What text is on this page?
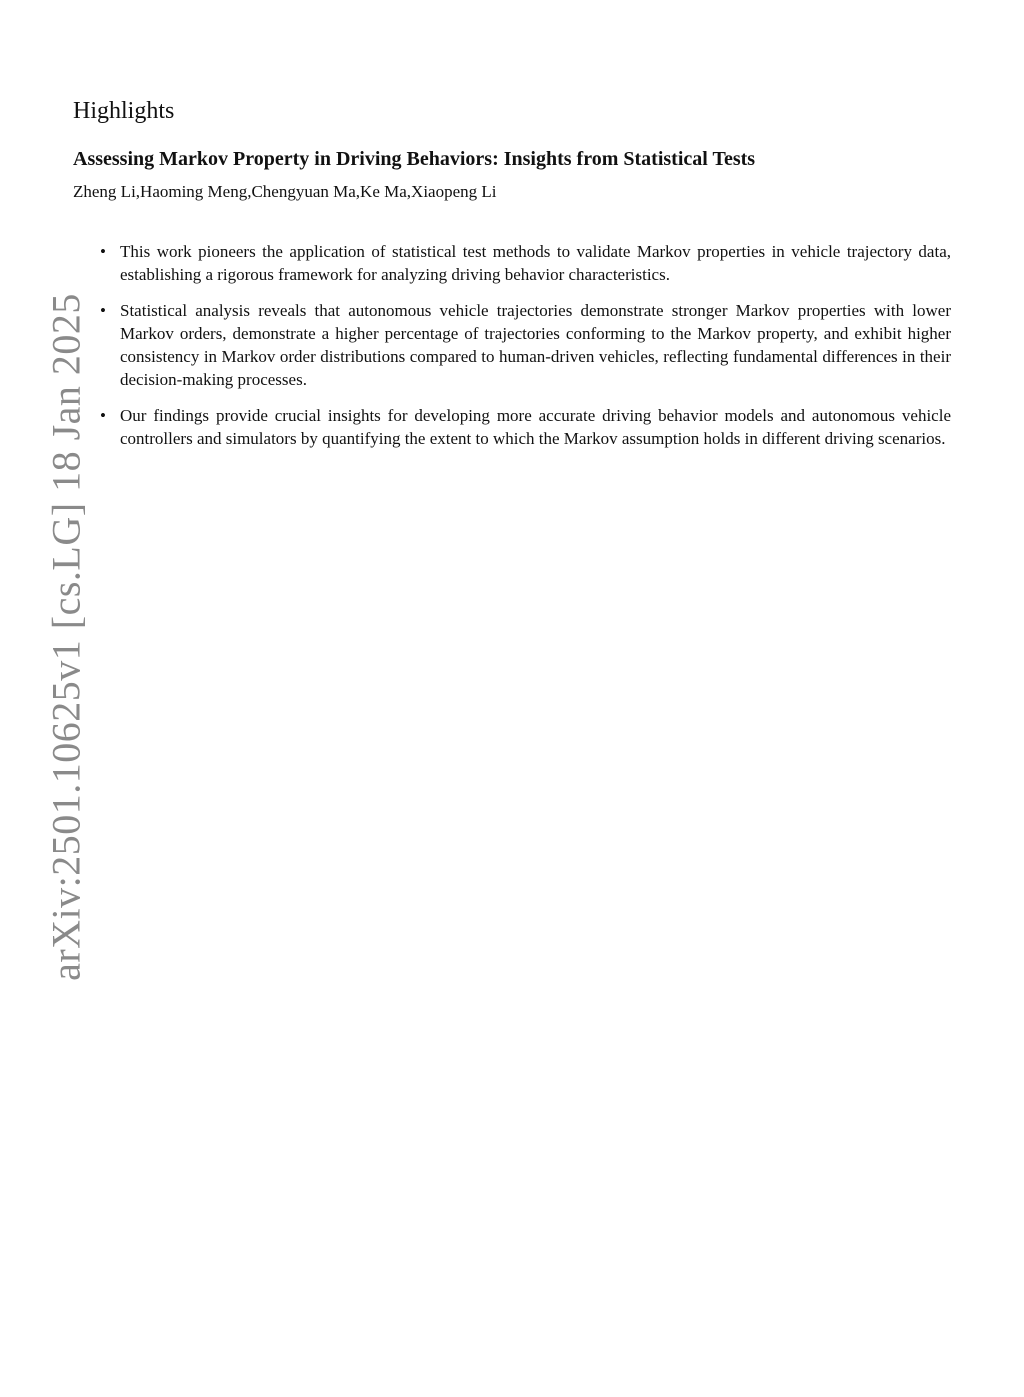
arXiv:2501.10625v1 [cs.LG] 18 Jan 2025
Highlights
Assessing Markov Property in Driving Behaviors: Insights from Statistical Tests

Zheng Li,Haoming Meng,Chengyuan Ma,Ke Ma,Xiaopeng Li

• This work pioneers the application of statistical test methods to validate Markov properties in vehicle trajectory data, establishing a rigorous framework for analyzing driving behavior characteristics.
• Statistical analysis reveals that autonomous vehicle trajectories demonstrate stronger Markov properties with lower Markov orders, demonstrate a higher percentage of trajectories conforming to the Markov property, and exhibit higher consistency in Markov order distributions compared to human-driven vehicles, reflecting fundamental differences in their decision-making processes.
• Our findings provide crucial insights for developing more accurate driving behavior models and autonomous vehicle controllers and simulators by quantifying the extent to which the Markov assumption holds in different driving scenarios.
